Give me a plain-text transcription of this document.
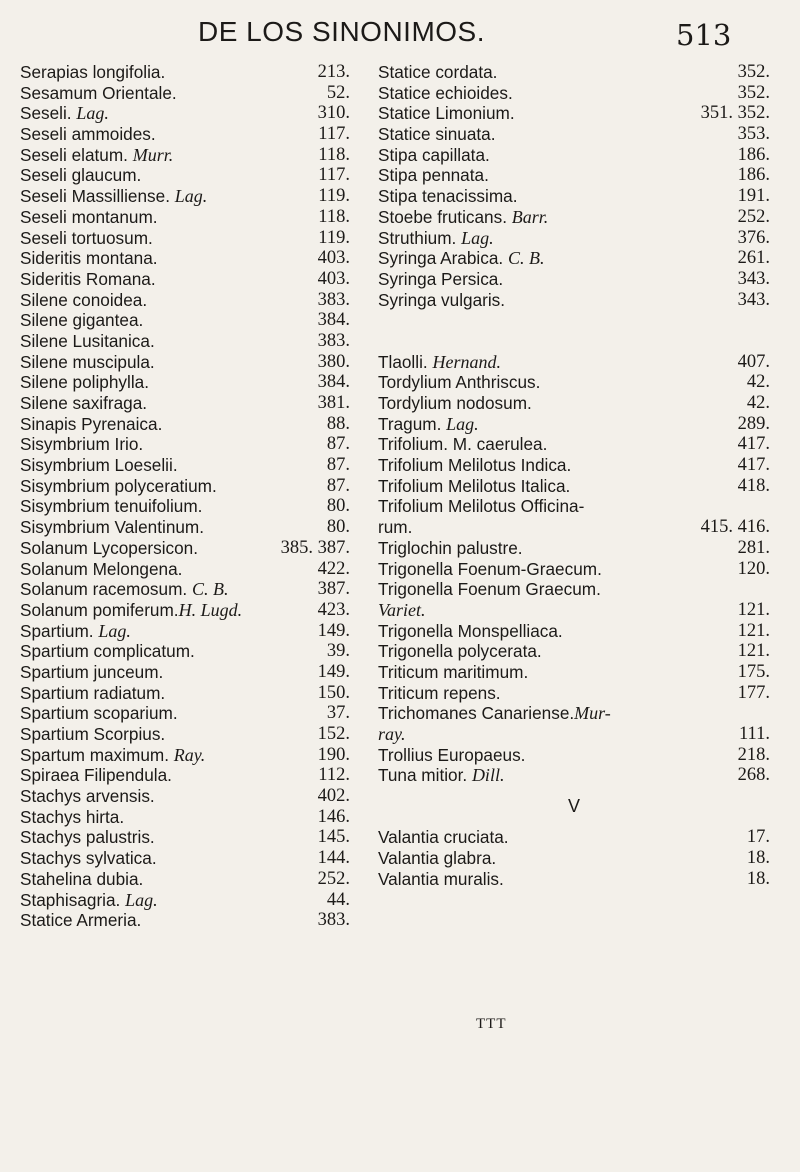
DE LOS SINONIMOS.	513
Serapias longifolia.	213.
Sesamum Orientale.	52.
Seseli. Lag.	310.
Seseli ammoides.	117.
Seseli elatum. Murr.	118.
Seseli glaucum.	117.
Seseli Massilliense. Lag.	119.
Seseli montanum.	118.
Seseli tortuosum.	119.
Sideritis montana.	403.
Sideritis Romana.	403.
Silene conoidea.	383.
Silene gigantea.	384.
Silene Lusitanica.	383.
Silene muscipula.	380.
Silene poliphylla.	384.
Silene saxifraga.	381.
Sinapis Pyrenaica.	88.
Sisymbrium Irio.	87.
Sisymbrium Loeselii.	87.
Sisymbrium polyceratium.	87.
Sisymbrium tenuifolium.	80.
Sisymbrium Valentinum.	80.
Solanum Lycopersicon.	385. 387.
Solanum Melongena.	422.
Solanum racemosum. C. B.	387.
Solanum pomiferum.H. Lugd.	423.
Spartium. Lag.	149.
Spartium complicatum.	39.
Spartium junceum.	149.
Spartium radiatum.	150.
Spartium scoparium.	37.
Spartium Scorpius.	152.
Spartum maximum. Ray.	190.
Spiraea Filipendula.	112.
Stachys arvensis.	402.
Stachys hirta.	146.
Stachys palustris.	145.
Stachys sylvatica.	144.
Stahelina dubia.	252.
Staphisagria. Lag.	44.
Statice Armeria.	383.
Statice cordata.	352.
Statice echioides.	352.
Statice Limonium.	351. 352.
Statice sinuata.	353.
Stipa capillata.	186.
Stipa pennata.	186.
Stipa tenacissima.	191.
Stoebe fruticans. Barr.	252.
Struthium. Lag.	376.
Syringa Arabica. C. B.	261.
Syringa Persica.	343.
Syringa vulgaris.	343.
Tlaolli. Hernand.	407.
Tordylium Anthriscus.	42.
Tordylium nodosum.	42.
Tragum. Lag.	289.
Trifolium. M. caerulea.	417.
Trifolium Melilotus Indica.	417.
Trifolium Melilotus Italica.	418.
Trifolium Melilotus Officina-
rum.	415. 416.
Triglochin palustre.	281.
Trigonella Foenum-Graecum.	120.
Trigonella Foenum Graecum.
Variet.	121.
Trigonella Monspelliaca.	121.
Trigonella polycerata.	121.
Triticum maritimum.	175.
Triticum repens.	177.
Trichomanes Canariense.Mur-
ray.	111.
Trollius Europaeus.	218.
Tuna mitior. Dill.	268.
V
Valantia cruciata.	17.
Valantia glabra.	18.
Valantia muralis.	18.
TTT
